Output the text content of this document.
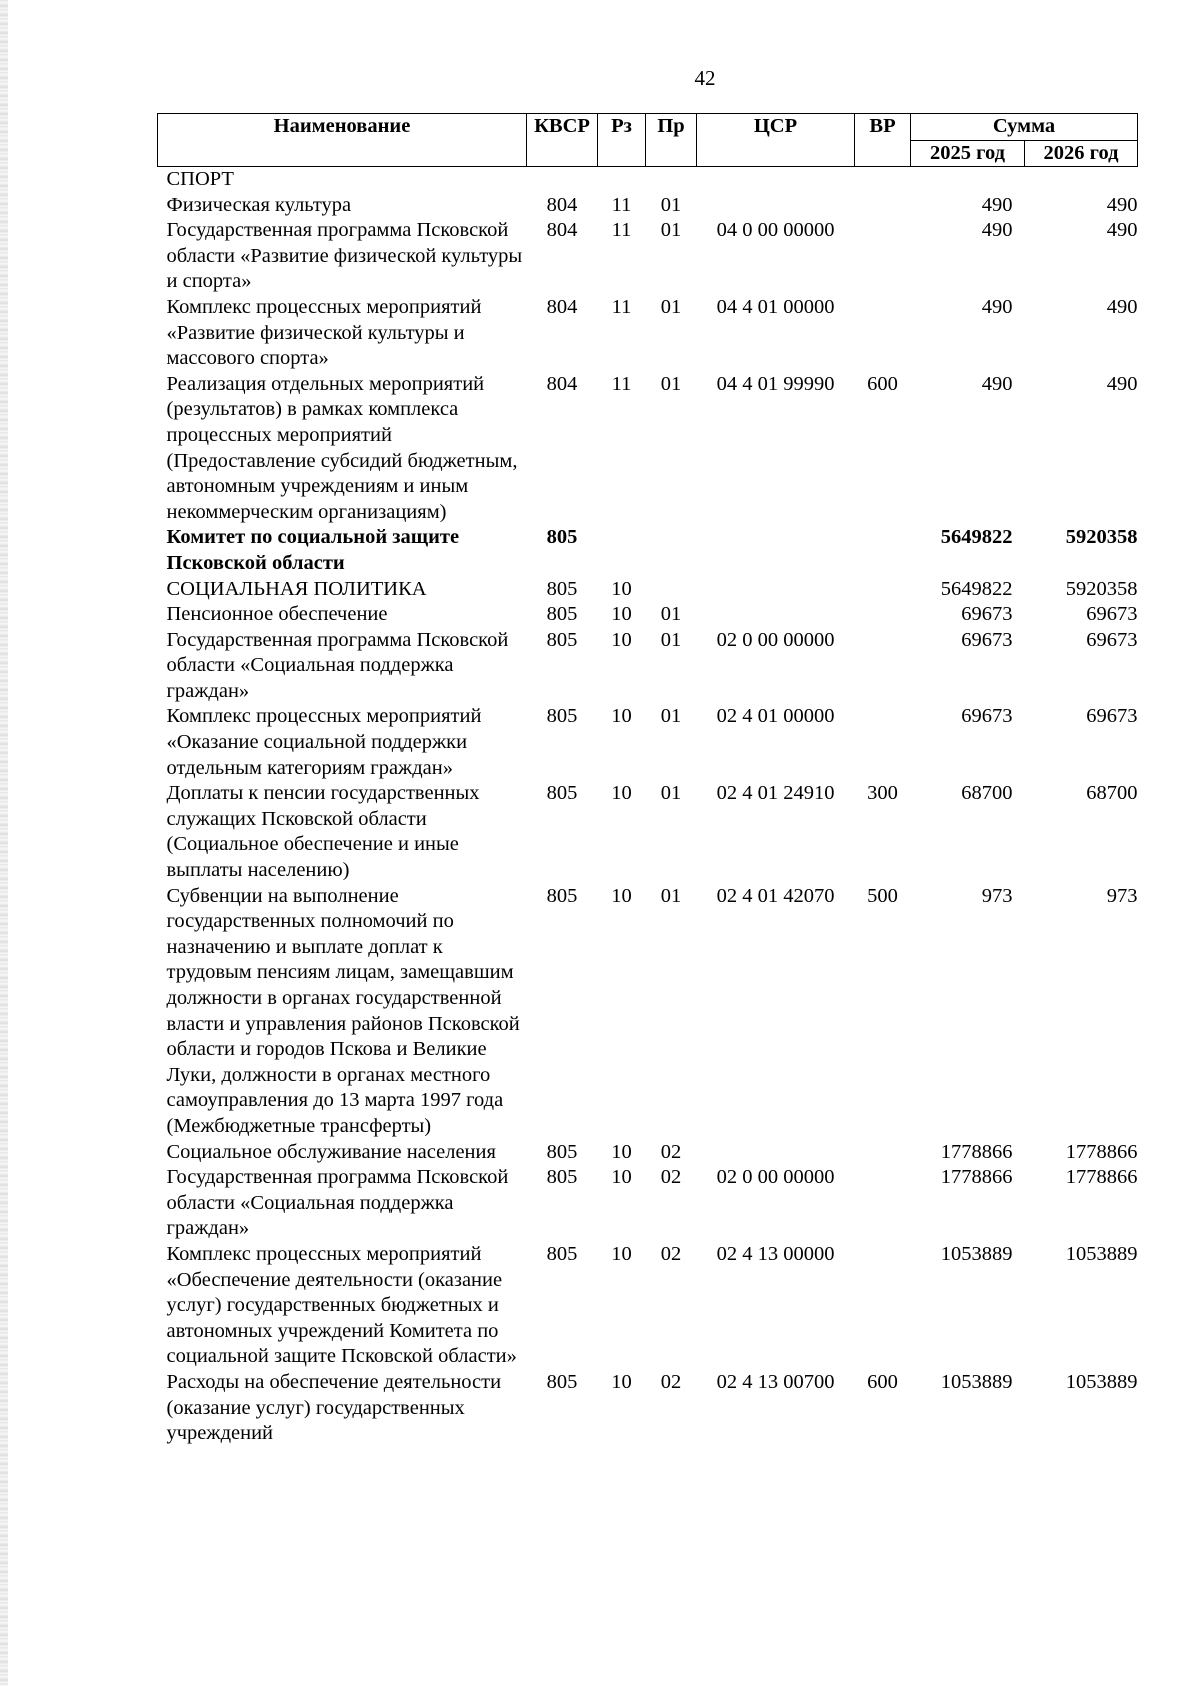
42
Наименование	КВСР	Рз	Пр	ЦСР	ВР	Сумма	
						2025 год	2026 год
СПОРТ							
Физическая культура	804	11	01			490	490
Государственная программа Псковской области «Развитие физической культуры и спорта»	804	11	01	04 0 00 00000		490	490
Комплекс процессных мероприятий «Развитие физической культуры и массового спорта»	804	11	01	04 4 01 00000		490	490
Реализация отдельных мероприятий (результатов) в рамках комплекса процессных мероприятий (Предоставление субсидий бюджетным, автономным учреждениям и иным некоммерческим организациям)	804	11	01	04 4 01 99990	600	490	490
Комитет по социальной защите Псковской области	805					5649822	5920358
СОЦИАЛЬНАЯ ПОЛИТИКА	805	10				5649822	5920358
Пенсионное обеспечение	805	10	01			69673	69673
Государственная программа Псковской области «Социальная поддержка граждан»	805	10	01	02 0 00 00000		69673	69673
Комплекс процессных мероприятий «Оказание социальной поддержки отдельным категориям граждан»	805	10	01	02 4 01 00000		69673	69673
Доплаты к пенсии государственных служащих Псковской области (Социальное обеспечение и иные выплаты населению)	805	10	01	02 4 01 24910	300	68700	68700
Субвенции на выполнение государственных полномочий по назначению и выплате доплат к трудовым пенсиям лицам, замещавшим должности в органах государственной власти и управления районов Псковской области и городов Пскова и Великие Луки, должности в органах местного самоуправления до 13 марта 1997 года (Межбюджетные трансферты)	805	10	01	02 4 01 42070	500	973	973
Социальное обслуживание населения	805	10	02			1778866	1778866
Государственная программа Псковской области «Социальная поддержка граждан»	805	10	02	02 0 00 00000		1778866	1778866
Комплекс процессных мероприятий «Обеспечение деятельности (оказание услуг) государственных бюджетных и автономных учреждений Комитета по социальной защите Псковской области»	805	10	02	02 4 13 00000		1053889	1053889
Расходы на обеспечение деятельности (оказание услуг) государственных учреждений	805	10	02	02 4 13 00700	600	1053889	1053889
